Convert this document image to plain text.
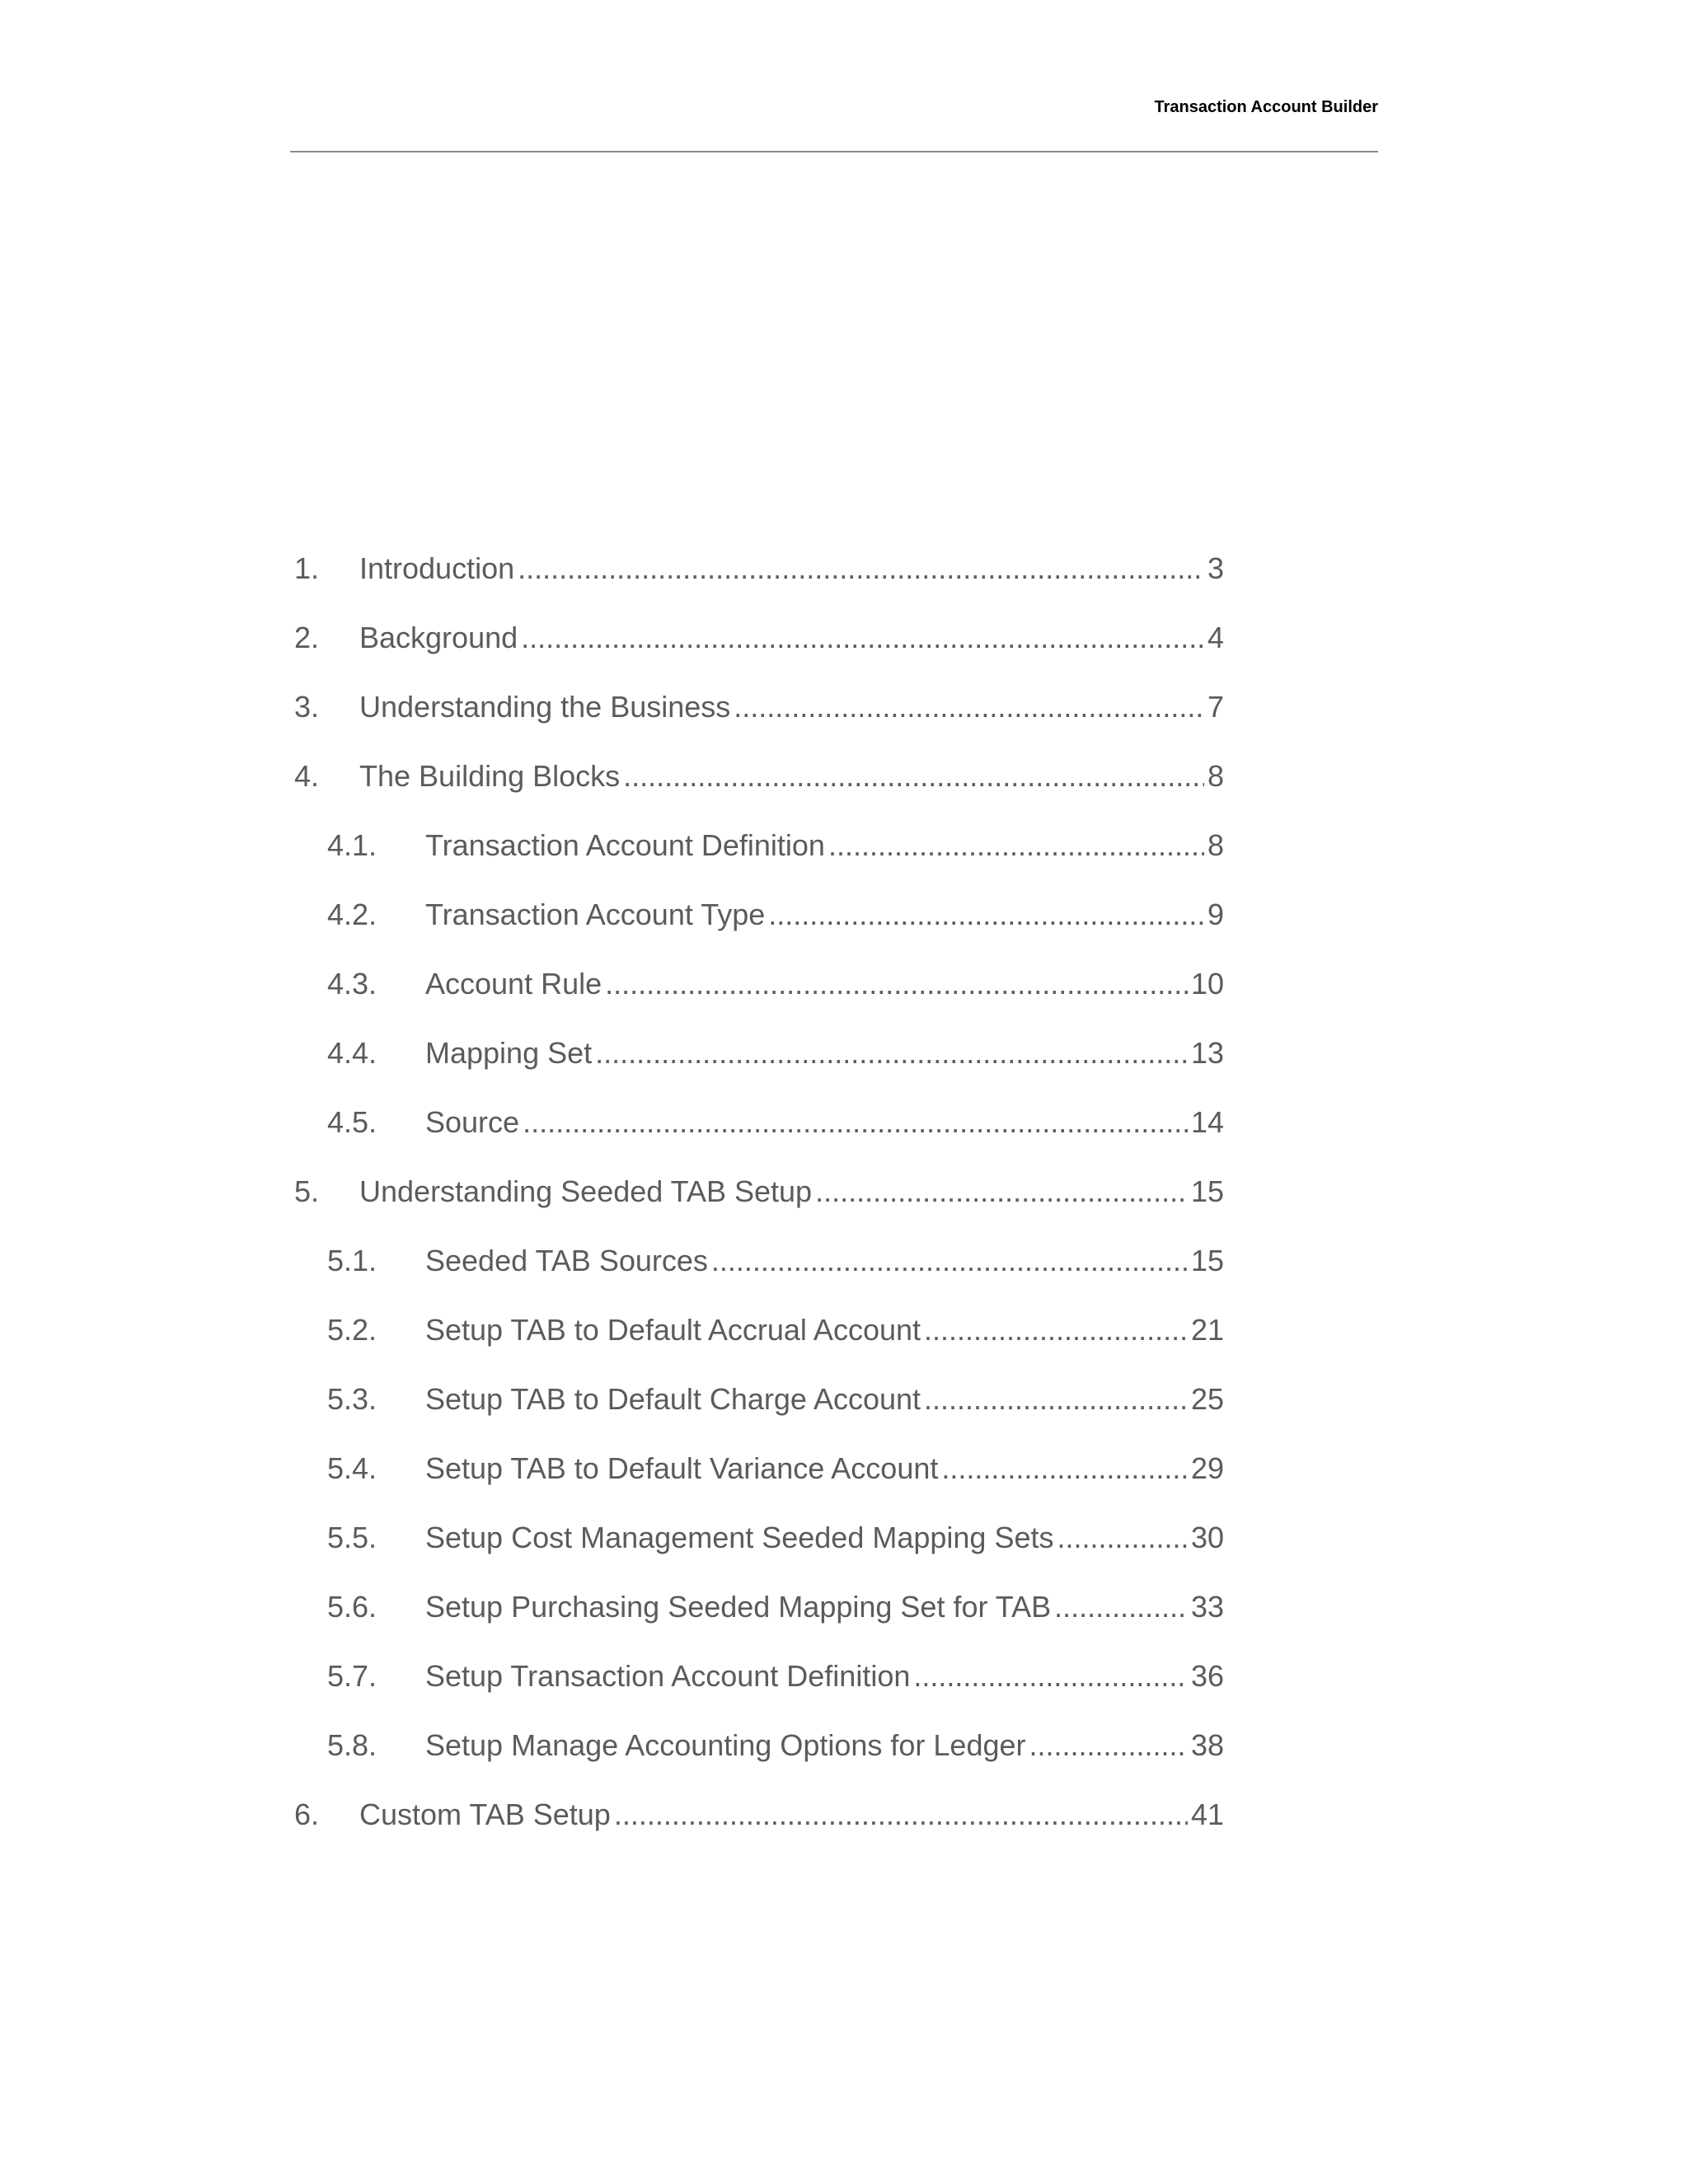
Transaction Account Builder
1.	Introduction .....	3
2.	Background .....	4
3.	Understanding the Business .....	7
4.	The Building Blocks .....	8
4.1.	Transaction Account Definition .....	8
4.2.	Transaction Account Type .....	9
4.3.	Account Rule .....	10
4.4.	Mapping Set .....	13
4.5.	Source .....	14
5.	Understanding Seeded TAB Setup .....	15
5.1.	Seeded TAB Sources .....	15
5.2.	Setup TAB to Default Accrual Account .....	21
5.3.	Setup TAB to Default Charge Account .....	25
5.4.	Setup TAB to Default Variance Account .....	29
5.5.	Setup Cost Management Seeded Mapping Sets .....	30
5.6.	Setup Purchasing Seeded Mapping Set for TAB .....	33
5.7.	Setup Transaction Account Definition .....	36
5.8.	Setup Manage Accounting Options for Ledger .....	38
6.	Custom TAB Setup .....	41
